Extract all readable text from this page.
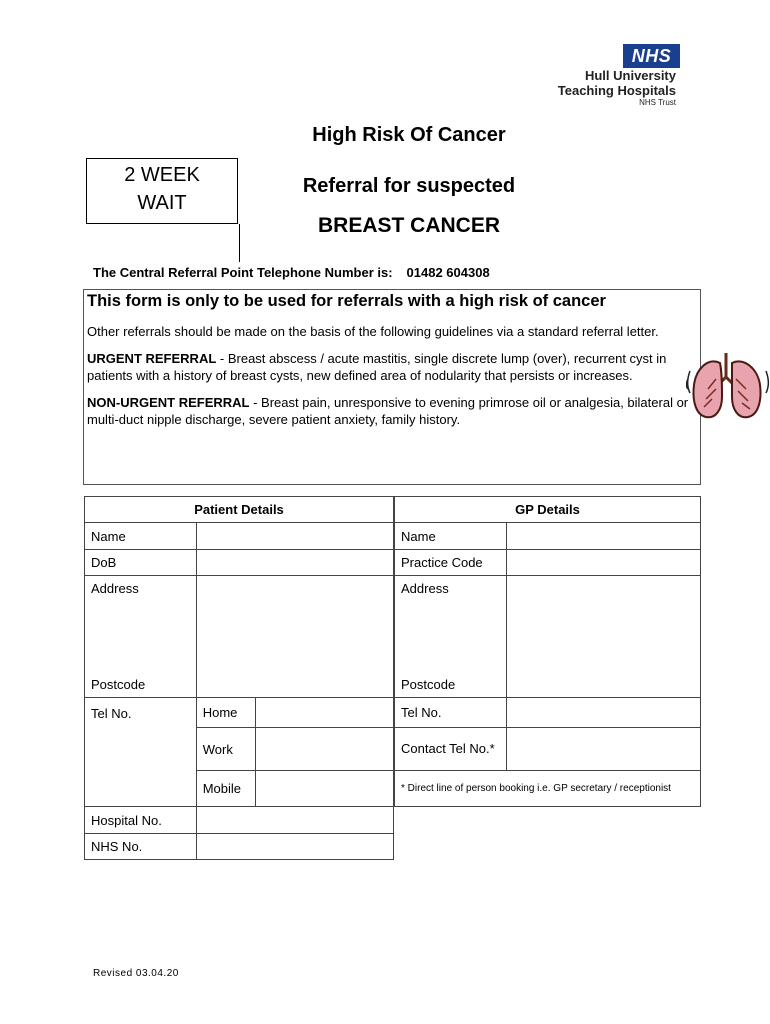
NHS
Hull University
Teaching Hospitals
NHS Trust
High Risk Of Cancer
2 WEEK
WAIT
Referral for suspected
BREAST CANCER
The Central Referral Point Telephone Number is: 01482 604308

This form is only to be used for referrals with a high risk of cancer

Other referrals should be made on the basis of the following guidelines via a standard referral letter.

URGENT REFERRAL - Breast abscess / acute mastitis, single discrete lump (over), recurrent cyst in patients with a history of breast cysts, new defined area of nodularity that persists or increases.

NON-URGENT REFERRAL - Breast pain, unresponsive to evening primrose oil or analgesia, bilateral or multi-duct nipple discharge, severe patient anxiety, family history.

Patient Details		
Name		
DoB		

Address
Postcode		

Tel No.	Home	
	Work	
	Mobile	
Hospital No.		
NHS No.		
GP Details	
Name	
Practice Code	

Address
Postcode	

Tel No.	
Contact Tel No.*	
* Direct line of person booking i.e. GP secretary / receptionist	
Revised 03.04.20
